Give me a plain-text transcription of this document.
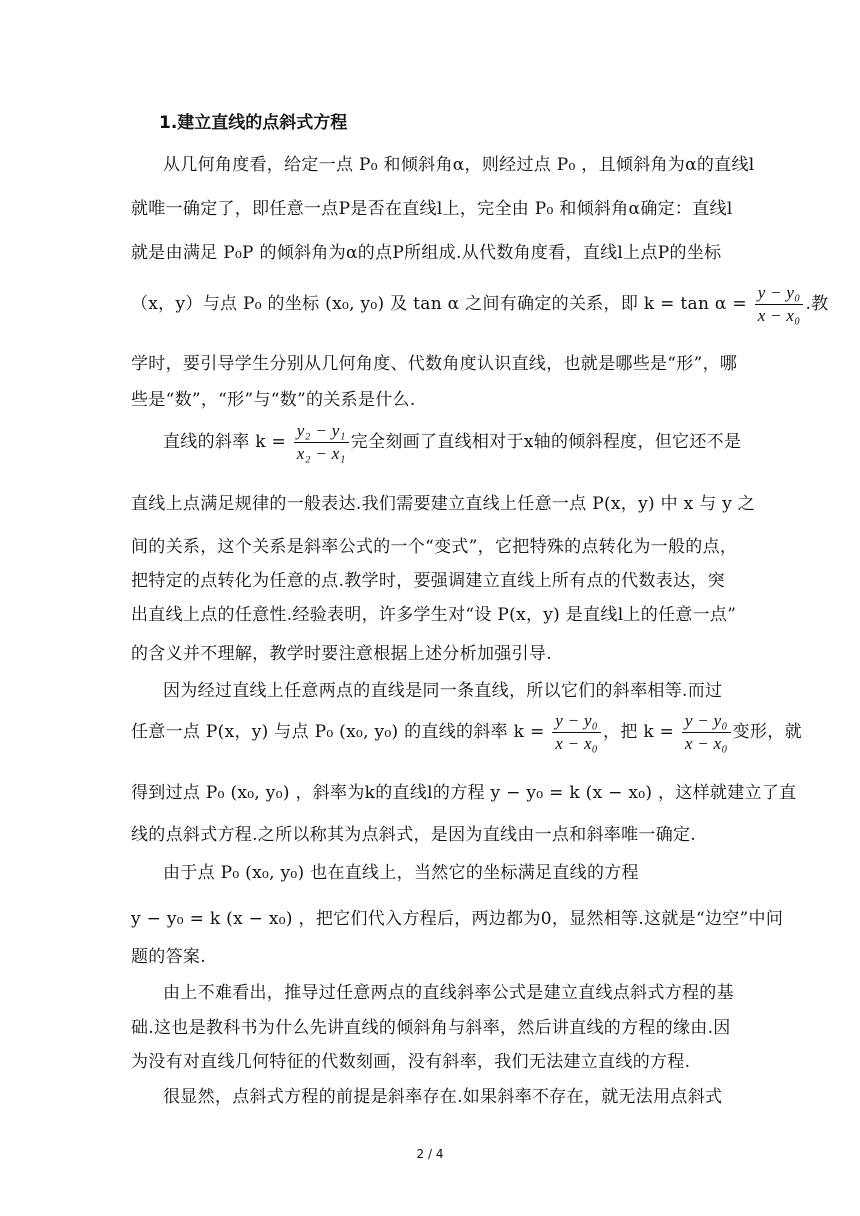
1.建立直线的点斜式方程
从几何角度看，给定一点 P₀ 和倾斜角α，则经过点 P₀ ，且倾斜角为α的直线l
就唯一确定了，即任意一点P是否在直线l上，完全由 P₀ 和倾斜角α确定：直线l
就是由满足 P₀P 的倾斜角为α的点P所组成.从代数角度看，直线l上点P的坐标
（x，y）与点 P₀ 的坐标 (x₀, y₀) 及 tan α 之间有确定的关系，即 $k = \tan \alpha = \frac{\text{y − y₀}}{\text{x − x₀}}$ .教
学时，要引导学生分别从几何角度、代数角度认识直线，也就是哪些是“形”，哪
些是“数”，“形”与“数”的关系是什么.
直线的斜率 $k = \frac{\text{y₂ − y₁}}{\text{x₂ − x₁}}$ 完全刻画了直线相对于x轴的倾斜程度，但它还不是
直线上点满足规律的一般表达.我们需要建立直线上任意一点 P(x，y) 中 x 与 y 之
间的关系，这个关系是斜率公式的一个“变式”，它把特殊的点转化为一般的点，
把特定的点转化为任意的点.教学时，要强调建立直线上所有点的代数表达，突
出直线上点的任意性.经验表明，许多学生对“设 P(x，y) 是直线l上的任意一点”
的含义并不理解，教学时要注意根据上述分析加强引导.
因为经过直线上任意两点的直线是同一条直线，所以它们的斜率相等.而过
任意一点 P(x，y) 与点 P₀ (x₀, y₀) 的直线的斜率 $k = \frac{\text{y − y₀}}{\text{x − x₀}}$ ，把 $k = \frac{\text{y − y₀}}{\text{x − x₀}}$ 变形，就
得到过点 P₀ (x₀, y₀) ，斜率为k的直线l的方程 y − y₀ = k (x − x₀) ，这样就建立了直
线的点斜式方程.之所以称其为点斜式，是因为直线由一点和斜率唯一确定.
由于点 P₀ (x₀, y₀) 也在直线上，当然它的坐标满足直线的方程
y − y₀ = k (x − x₀) ，把它们代入方程后，两边都为0，显然相等.这就是“边空”中问
题的答案.
由上不难看出，推导过任意两点的直线斜率公式是建立直线点斜式方程的基
础.这也是教科书为什么先讲直线的倾斜角与斜率，然后讲直线的方程的缘由.因
为没有对直线几何特征的代数刻画，没有斜率，我们无法建立直线的方程.
很显然，点斜式方程的前提是斜率存在.如果斜率不存在，就无法用点斜式
2 / 4
